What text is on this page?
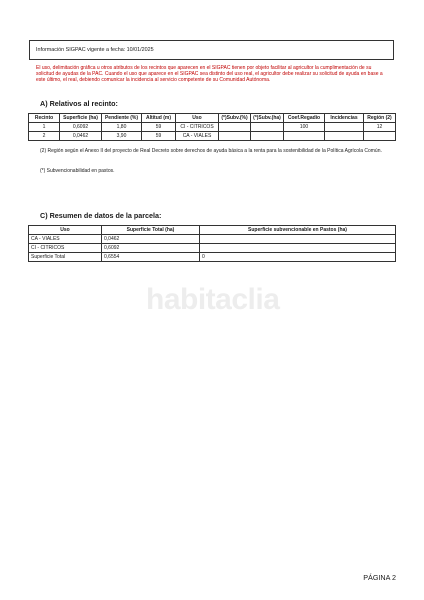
Información SIGPAC vigente a fecha: 10/01/2025
El uso, delimitación gráfica u otros atributos de los recintos que aparecen en el SIGPAC tienen por objeto facilitar al agricultor la cumplimentación de su solicitud de ayudas de la PAC. Cuando el uso que aparece en el SIGPAC sea distinto del uso real, el agricultor debe realizar su solicitud de ayuda en base a este último, el real, debiendo comunicar la incidencia al servicio competente de su Comunidad Autónoma.
A) Relativos al recinto:
Recinto	Superficie (ha)	Pendiente (%)	Altitud (m)	Uso	(*)Subv.(%)	(*)Subv.(ha)	Coef.Regadío	Incidencias	Región (2)
1	0,6092	1,80	59	CI - CITRICOS			100		12
2	0,0462	3,90	59	CA - VIALES					
(2) Región según el Anexo II del proyecto de Real Decreto sobre derechos de ayuda básica a la renta para la sostenibilidad de la Política Agrícola Común.
(*) Subvencionabilidad en pastos.
C) Resumen de datos de la parcela:
Uso	Superficie Total (ha)	Superficie subvencionable en Pastos (ha)
CA - VIALES	0,0462	
CI - CITRICOS	0,6092	
Superficie Total	0,6554	0
habitaclia
PÁGINA 2
